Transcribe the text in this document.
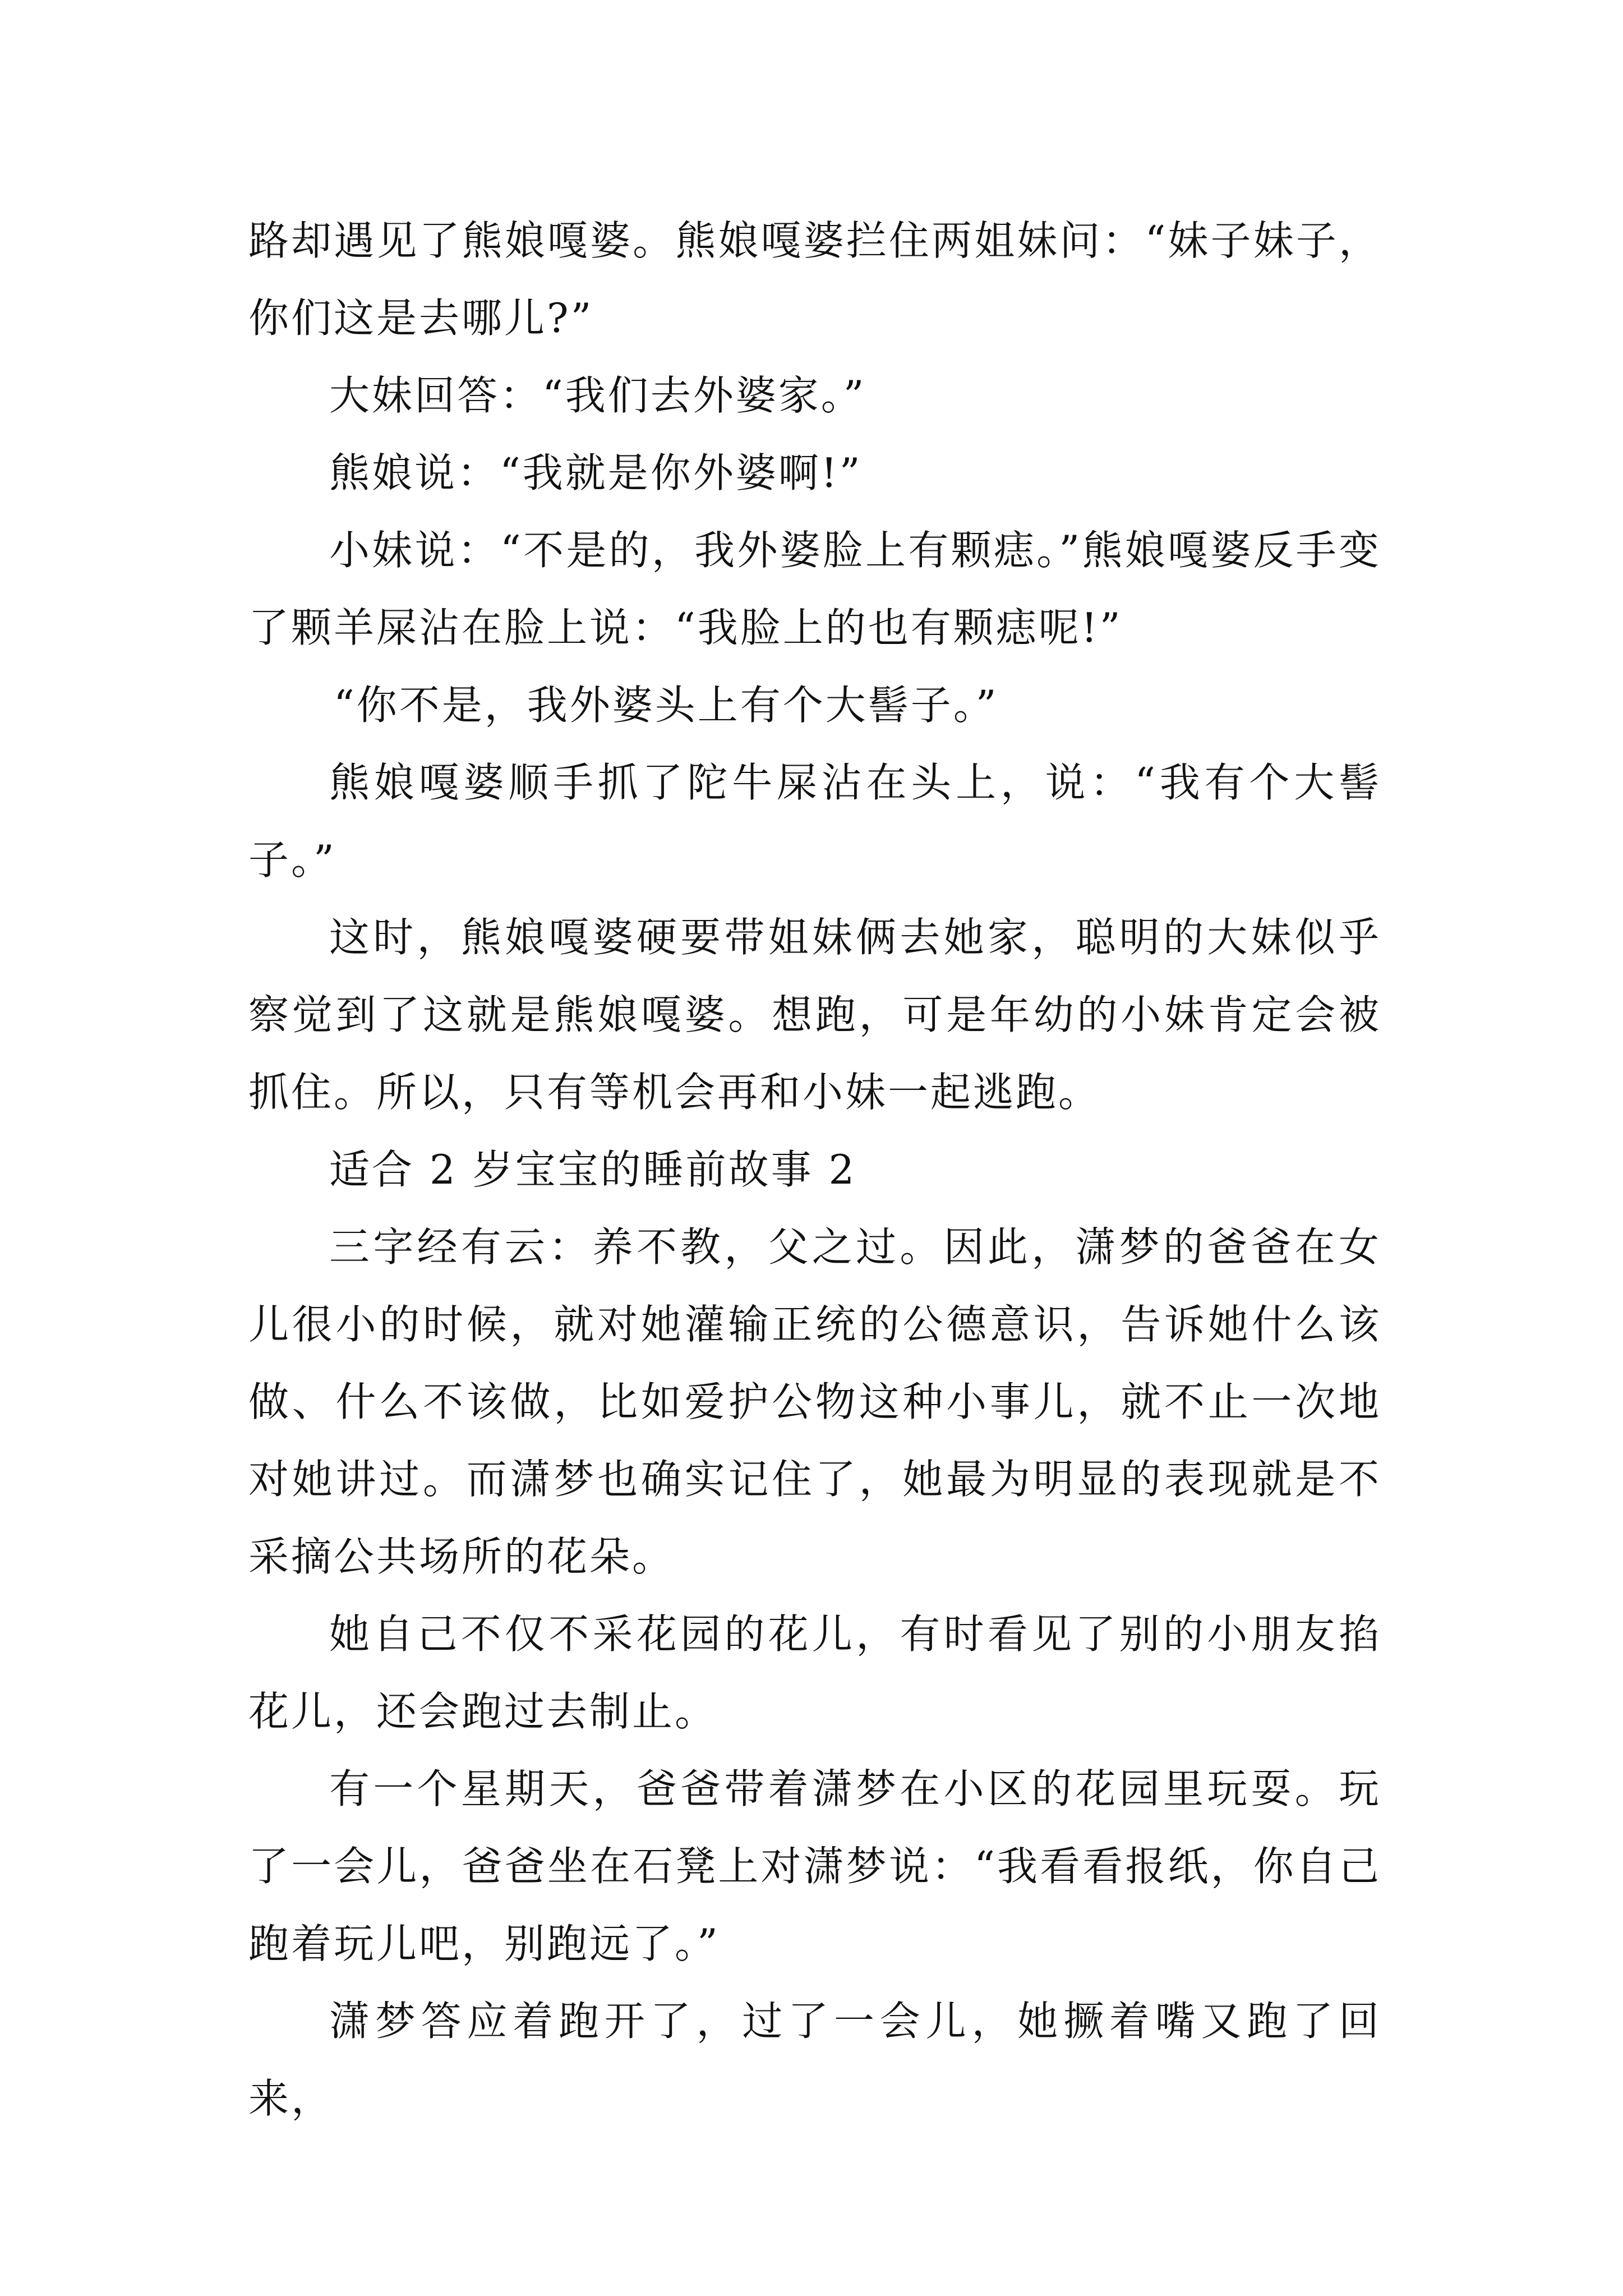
路却遇见了熊娘嘎婆。熊娘嘎婆拦住两姐妹问：“妹子妹子，你们这是去哪儿?”

大妹回答：“我们去外婆家。”

熊娘说：“我就是你外婆啊!”

小妹说：“不是的，我外婆脸上有颗痣。”熊娘嘎婆反手变了颗羊屎沾在脸上说：“我脸上的也有颗痣呢!”

“你不是，我外婆头上有个大髻子。”

熊娘嘎婆顺手抓了陀牛屎沾在头上，说：“我有个大髻子。”

这时，熊娘嘎婆硬要带姐妹俩去她家，聪明的大妹似乎察觉到了这就是熊娘嘎婆。想跑，可是年幼的小妹肯定会被抓住。所以，只有等机会再和小妹一起逃跑。

适合 2 岁宝宝的睡前故事 2

三字经有云：养不教，父之过。因此，潇梦的爸爸在女儿很小的时候，就对她灌输正统的公德意识，告诉她什么该做、什么不该做，比如爱护公物这种小事儿，就不止一次地对她讲过。而潇梦也确实记住了，她最为明显的表现就是不采摘公共场所的花朵。

她自己不仅不采花园的花儿，有时看见了别的小朋友掐花儿，还会跑过去制止。

有一个星期天，爸爸带着潇梦在小区的花园里玩耍。玩了一会儿，爸爸坐在石凳上对潇梦说：“我看看报纸，你自己跑着玩儿吧，别跑远了。”

潇梦答应着跑开了，过了一会儿，她撅着嘴又跑了回来，
